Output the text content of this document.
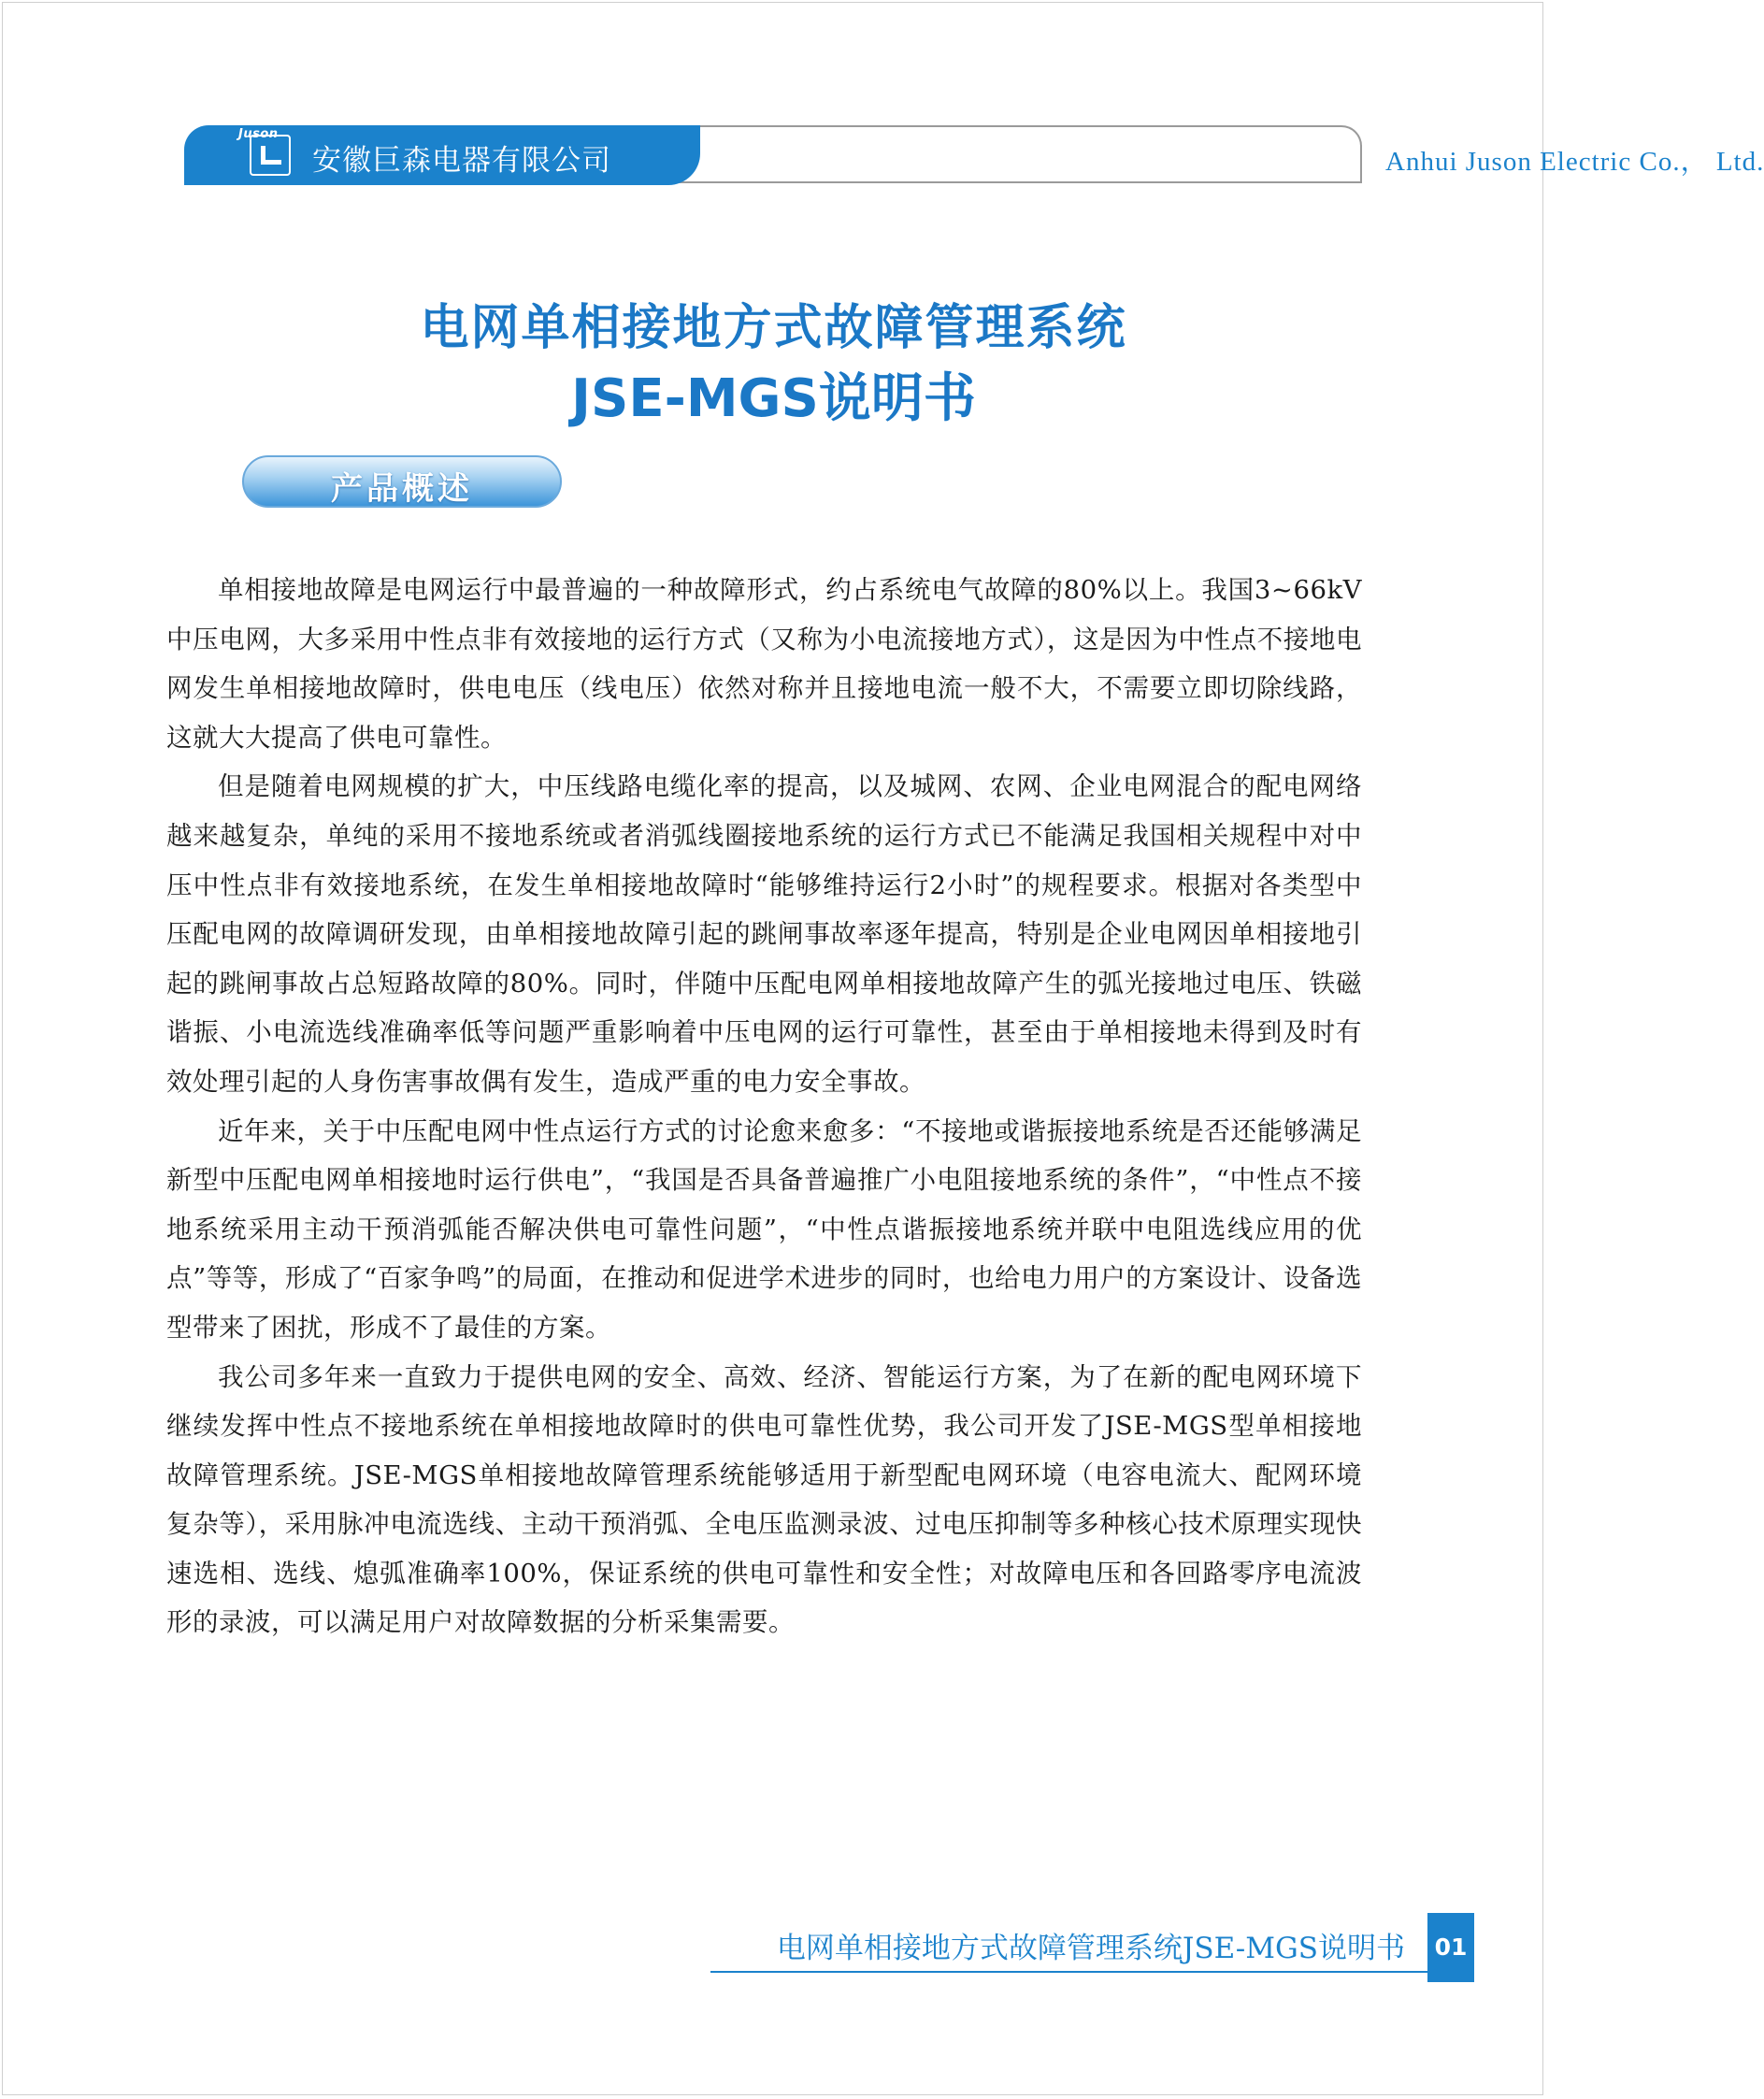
Anhui Juson Electric Co.， Ltd.
Juson
安徽巨森电器有限公司
电网单相接地方式故障管理系统
JSE-MGS说明书
产品概述

单相接地故障是电网运行中最普遍的一种故障形式，约占系统电气故障的80%以上。我国3~66kV中压电网，大多采用中性点非有效接地的运行方式（又称为小电流接地方式），这是因为中性点不接地电网发生单相接地故障时，供电电压（线电压）依然对称并且接地电流一般不大，不需要立即切除线路，这就大大提高了供电可靠性。

但是随着电网规模的扩大，中压线路电缆化率的提高，以及城网、农网、企业电网混合的配电网络越来越复杂，单纯的采用不接地系统或者消弧线圈接地系统的运行方式已不能满足我国相关规程中对中压中性点非有效接地系统，在发生单相接地故障时“能够维持运行2小时”的规程要求。根据对各类型中压配电网的故障调研发现，由单相接地故障引起的跳闸事故率逐年提高，特别是企业电网因单相接地引起的跳闸事故占总短路故障的80%。同时，伴随中压配电网单相接地故障产生的弧光接地过电压、铁磁谐振、小电流选线准确率低等问题严重影响着中压电网的运行可靠性，甚至由于单相接地未得到及时有效处理引起的人身伤害事故偶有发生，造成严重的电力安全事故。

近年来，关于中压配电网中性点运行方式的讨论愈来愈多：“不接地或谐振接地系统是否还能够满足新型中压配电网单相接地时运行供电”，“我国是否具备普遍推广小电阻接地系统的条件”，“中性点不接地系统采用主动干预消弧能否解决供电可靠性问题”，“中性点谐振接地系统并联中电阻选线应用的优点”等等，形成了“百家争鸣”的局面，在推动和促进学术进步的同时，也给电力用户的方案设计、设备选型带来了困扰，形成不了最佳的方案。

我公司多年来一直致力于提供电网的安全、高效、经济、智能运行方案，为了在新的配电网环境下继续发挥中性点不接地系统在单相接地故障时的供电可靠性优势，我公司开发了JSE-MGS型单相接地故障管理系统。JSE-MGS单相接地故障管理系统能够适用于新型配电网环境（电容电流大、配网环境复杂等），采用脉冲电流选线、主动干预消弧、全电压监测录波、过电压抑制等多种核心技术原理实现快速选相、选线、熄弧准确率100%，保证系统的供电可靠性和安全性；对故障电压和各回路零序电流波形的录波，可以满足用户对故障数据的分析采集需要。

电网单相接地方式故障管理系统JSE-MGS说明书	01
